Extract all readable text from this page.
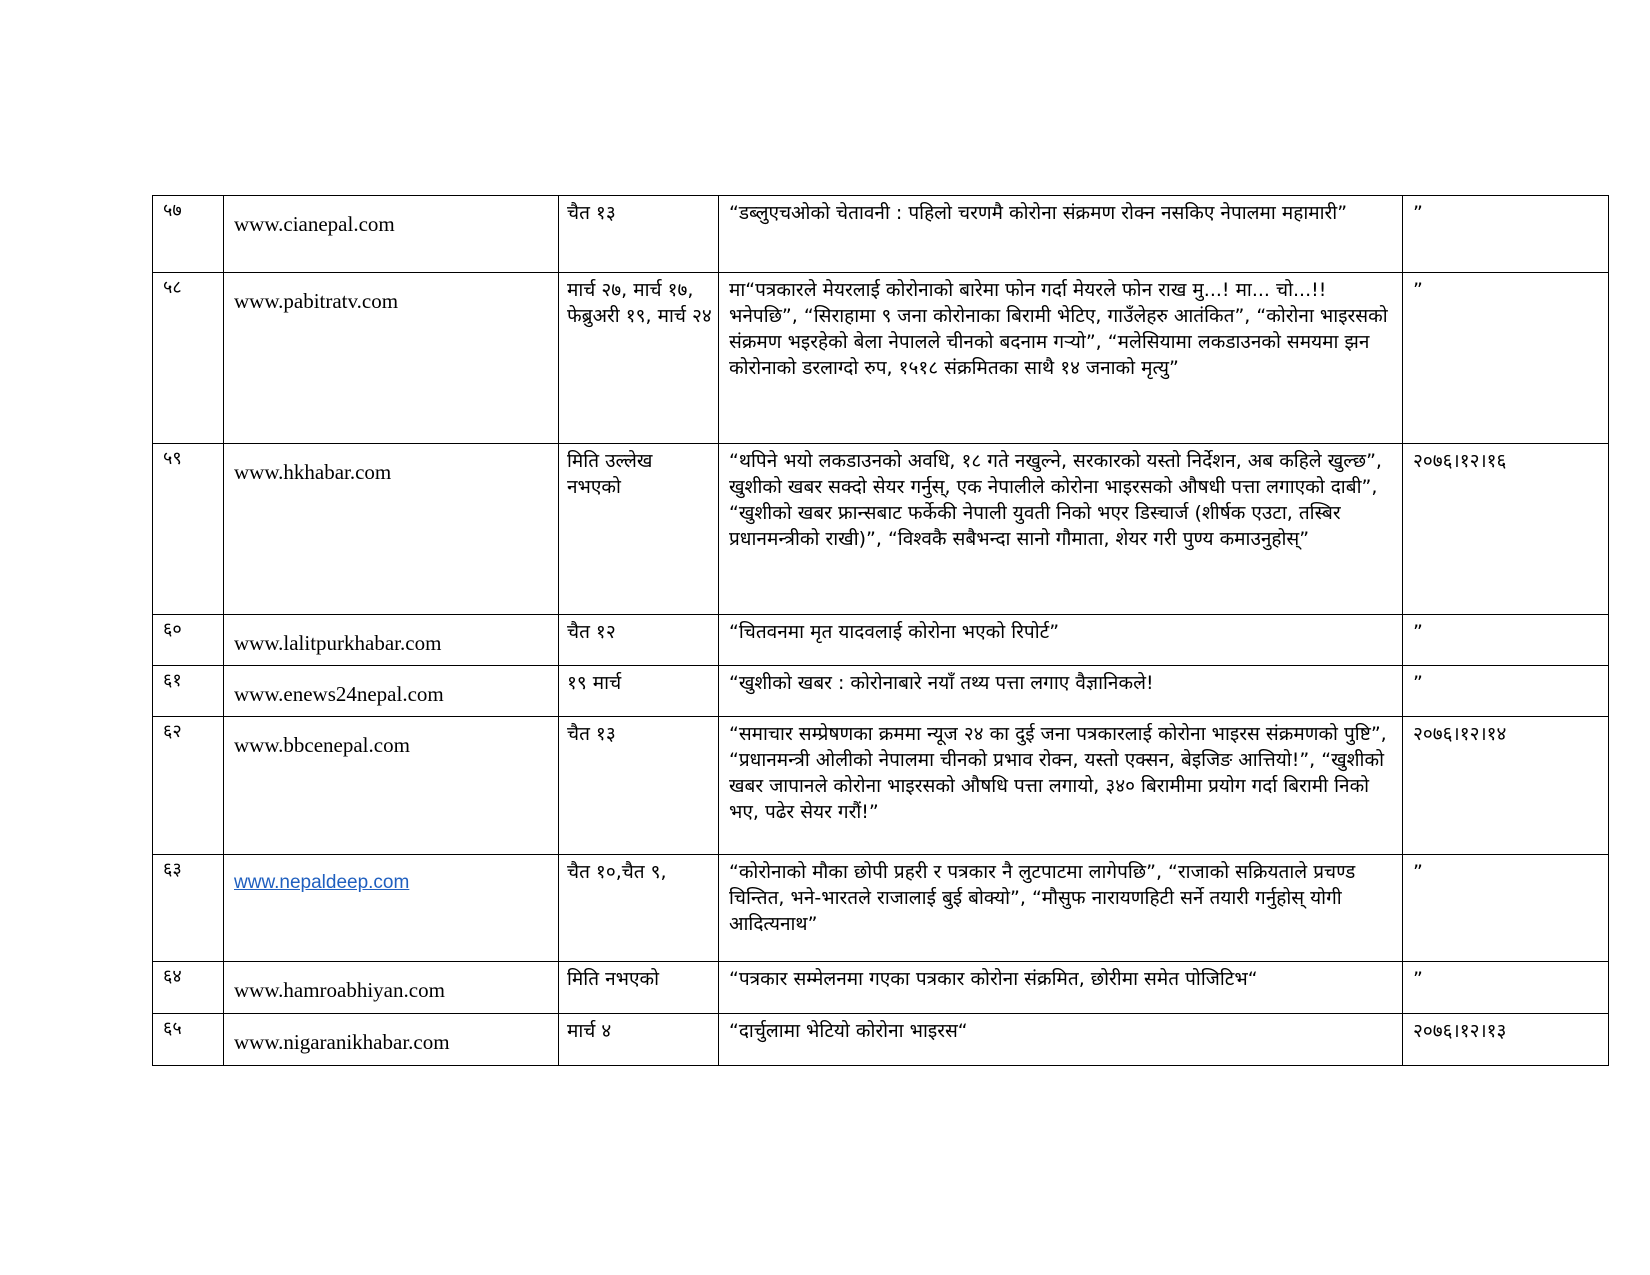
५७	www.cianepal.com	चैत १३	“डब्लुएचओको चेतावनी : पहिलो चरणमै कोरोना संक्रमण रोक्न नसकिए नेपालमा महामारी”	”

५८	www.pabitratv.com	मार्च २७, मार्च १७, फेब्रुअरी १९, मार्च २४	मा“पत्रकारले मेयरलाई कोरोनाको बारेमा फोन गर्दा मेयरले फोन राख मु...! मा... चो...!! भनेपछि”, “सिराहामा ९ जना कोरोनाका बिरामी भेटिए, गाउँलेहरु आतंकित”, “कोरोना भाइरसको संक्रमण भइरहेको बेला नेपालले चीनको बदनाम गऱ्यो”, “मलेसियामा लकडाउनको समयमा झन कोरोनाको डरलाग्दो रुप, १५१८ संक्रमितका साथै १४ जनाको मृत्यु”	”

५९	www.hkhabar.com	मिति उल्लेख नभएको	“थपिने भयो लकडाउनको अवधि, १८ गते नखुल्ने, सरकारको यस्तो निर्देशन, अब कहिले खुल्छ”, खुशीको खबर सक्दो सेयर गर्नुस्, एक नेपालीले कोरोना भाइरसको औषधी पत्ता लगाएको दाबी”, “खुशीको खबर फ्रान्सबाट फर्केकी नेपाली युवती निको भएर डिस्चार्ज (शीर्षक एउटा, तस्बिर प्रधानमन्त्रीको राखी)”, “विश्वकै सबैभन्दा सानो गौमाता, शेयर गरी पुण्य कमाउनुहोस्”	२०७६।१२।१६

६०	www.lalitpurkhabar.com	चैत १२	“चितवनमा मृत यादवलाई कोरोना भएको रिपोर्ट”	”

६१	www.enews24nepal.com	१९ मार्च	“खुशीको खबर : कोरोनाबारे नयाँ तथ्य पत्ता लगाए वैज्ञानिकले!	”

६२	www.bbcenepal.com	चैत १३	“समाचार सम्प्रेषणका क्रममा न्यूज २४ का दुई जना पत्रकारलाई कोरोना भाइरस संक्रमणको पुष्टि”, “प्रधानमन्त्री ओलीको नेपालमा चीनको प्रभाव रोक्न, यस्तो एक्सन, बेइजिङ आत्तियो!”, “खुशीको खबर जापानले कोरोना भाइरसको औषधि पत्ता लगायो, ३४० बिरामीमा प्रयोग गर्दा बिरामी निको भए, पढेर सेयर गरौं!”	२०७६।१२।१४

६३	www.nepaldeep.com	चैत १०,चैत ९,	“कोरोनाको मौका छोपी प्रहरी र पत्रकार नै लुटपाटमा लागेपछि”, “राजाको सक्रियताले प्रचण्ड चिन्तित, भने-भारतले राजालाई बुई बोक्यो”, “मौसुफ नारायणहिटी सर्ने तयारी गर्नुहोस् योगी आदित्यनाथ”	”

६४	www.hamroabhiyan.com	मिति नभएको	“पत्रकार सम्मेलनमा गएका पत्रकार कोरोना संक्रमित, छोरीमा समेत पोजिटिभ“	”

६५	www.nigaranikhabar.com	मार्च ४	“दार्चुलामा भेटियो कोरोना भाइरस“	२०७६।१२।१३
